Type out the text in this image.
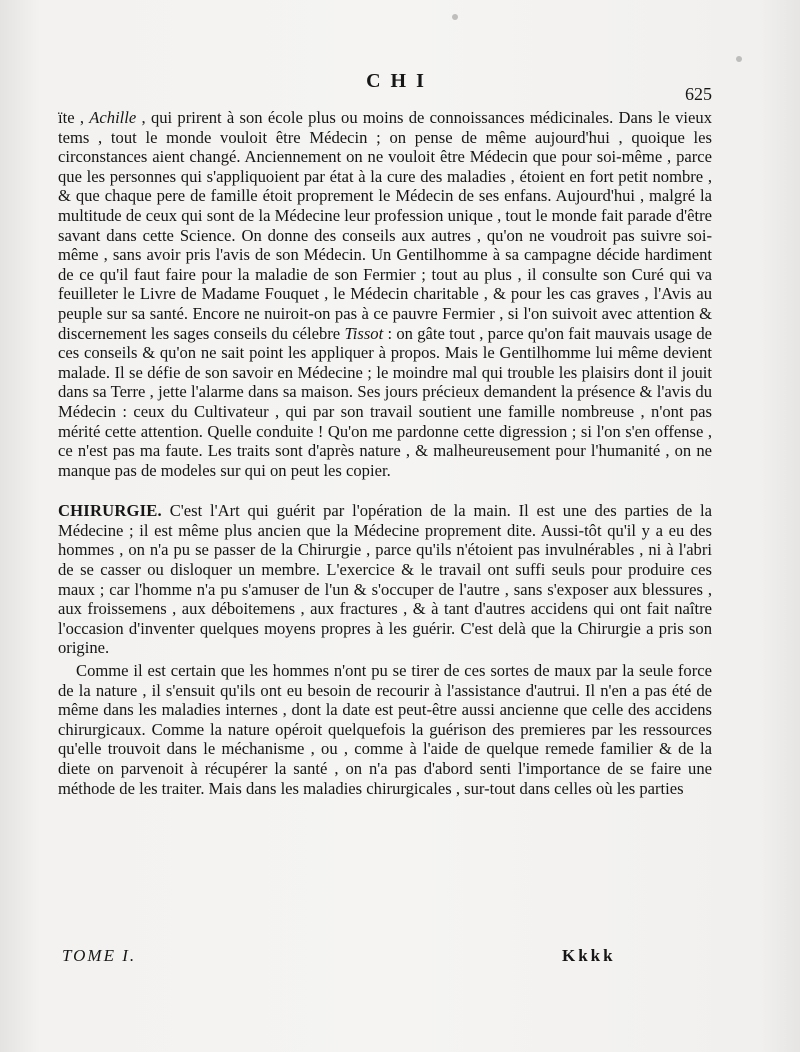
CHI
625

ïte , Achille , qui prirent à son école plus ou moins de connoissances médicinales. Dans le vieux tems , tout le monde vouloit être Médecin ; on pense de même aujourd'hui , quoique les circonstances aient changé. Anciennement on ne vouloit être Médecin que pour soi-même , parce que les personnes qui s'appliquoient par état à la cure des maladies , étoient en fort petit nombre , & que chaque pere de famille étoit proprement le Médecin de ses enfans. Aujourd'hui , malgré la multitude de ceux qui sont de la Médecine leur profession unique , tout le monde fait parade d'être savant dans cette Science. On donne des conseils aux autres , qu'on ne voudroit pas suivre soi-même , sans avoir pris l'avis de son Médecin. Un Gentilhomme à sa campagne décide hardiment de ce qu'il faut faire pour la maladie de son Fermier ; tout au plus , il consulte son Curé qui va feuilleter le Livre de Madame Fouquet , le Médecin charitable , & pour les cas graves , l'Avis au peuple sur sa santé. Encore ne nuiroit-on pas à ce pauvre Fermier , si l'on suivoit avec attention & discernement les sages conseils du célebre Tissot : on gâte tout , parce qu'on fait mauvais usage de ces conseils & qu'on ne sait point les appliquer à propos. Mais le Gentilhomme lui même devient malade. Il se défie de son savoir en Médecine ; le moindre mal qui trouble les plaisirs dont il jouit dans sa Terre , jette l'alarme dans sa maison. Ses jours précieux demandent la présence & l'avis du Médecin : ceux du Cultivateur , qui par son travail soutient une famille nombreuse , n'ont pas mérité cette attention. Quelle conduite ! Qu'on me pardonne cette digression ; si l'on s'en offense , ce n'est pas ma faute. Les traits sont d'après nature , & malheureusement pour l'humanité , on ne manque pas de modeles sur qui on peut les copier.

CHIRURGIE. C'est l'Art qui guérit par l'opération de la main. Il est une des parties de la Médecine ; il est même plus ancien que la Médecine proprement dite. Aussi-tôt qu'il y a eu des hommes , on n'a pu se passer de la Chirurgie , parce qu'ils n'étoient pas invulnérables , ni à l'abri de se casser ou disloquer un membre. L'exercice & le travail ont suffi seuls pour produire ces maux ; car l'homme n'a pu s'amuser de l'un & s'occuper de l'autre , sans s'exposer aux blessures , aux froissemens , aux déboitemens , aux fractures , & à tant d'autres accidens qui ont fait naître l'occasion d'inventer quelques moyens propres à les guérir. C'est delà que la Chirurgie a pris son origine.

Comme il est certain que les hommes n'ont pu se tirer de ces sortes de maux par la seule force de la nature , il s'ensuit qu'ils ont eu besoin de recourir à l'assistance d'autrui. Il n'en a pas été de même dans les maladies internes , dont la date est peut-être aussi ancienne que celle des accidens chirurgicaux. Comme la nature opéroit quelquefois la guérison des premieres par les ressources qu'elle trouvoit dans le méchanisme , ou , comme à l'aide de quelque remede familier & de la diete on parvenoit à récupérer la santé , on n'a pas d'abord senti l'importance de se faire une méthode de les traiter. Mais dans les maladies chirurgicales , sur-tout dans celles où les parties

TOME I.	Kkkk
